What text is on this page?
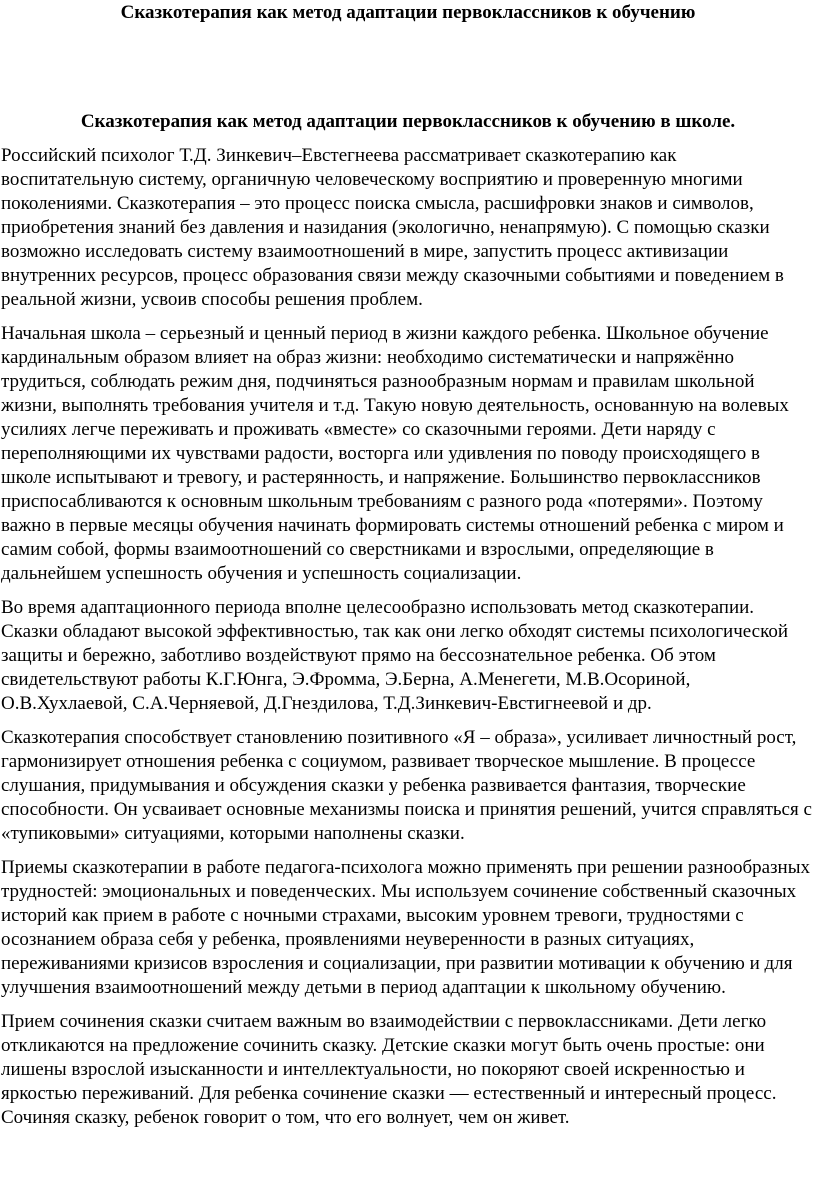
Сказкотерапия как метод адаптации первоклассников к обучению
Сказкотерапия как метод адаптации первоклассников к обучению в школе.

Российский психолог Т.Д. Зинкевич–Евстегнеева рассматривает сказкотерапию как воспитательную систему, органичную человеческому восприятию и проверенную многими поколениями. Сказкотерапия – это процесс поиска смысла, расшифровки знаков и символов, приобретения знаний без давления и назидания (экологично, ненапрямую). С помощью сказки возможно исследовать систему взаимоотношений в мире, запустить процесс активизации внутренних ресурсов, процесс образования связи между сказочными событиями и поведением в реальной жизни, усвоив способы решения проблем.

Начальная школа – серьезный и ценный период в жизни каждого ребенка. Школьное обучение кардинальным образом влияет на образ жизни: необходимо систематически и напряжённо трудиться, соблюдать режим дня, подчиняться разнообразным нормам и правилам школьной жизни, выполнять требования учителя и т.д. Такую новую деятельность, основанную на волевых усилиях легче переживать и проживать «вместе» со сказочными героями. Дети наряду с переполняющими их чувствами радости, восторга или удивления по поводу происходящего в школе испытывают и тревогу, и растерянность, и напряжение. Большинство первоклассников приспосабливаются к основным школьным требованиям с разного рода «потерями». Поэтому важно в первые месяцы обучения начинать формировать системы отношений ребенка с миром и самим собой, формы взаимоотношений со сверстниками и взрослыми, определяющие в дальнейшем успешность обучения и успешность социализации.

Во время адаптационного периода вполне целесообразно использовать метод сказкотерапии. Сказки обладают высокой эффективностью, так как они легко обходят системы психологической защиты и бережно, заботливо воздействуют прямо на бессознательное ребенка. Об этом свидетельствуют работы К.Г.Юнга, Э.Фромма, Э.Берна, А.Менегети, М.В.Осориной, О.В.Хухлаевой, С.А.Черняевой, Д.Гнездилова, Т.Д.Зинкевич-Евстигнеевой и др.

Сказкотерапия способствует становлению позитивного «Я – образа», усиливает личностный рост, гармонизирует отношения ребенка с социумом, развивает творческое мышление. В процессе слушания, придумывания и обсуждения сказки у ребенка развивается фантазия, творческие способности. Он усваивает основные механизмы поиска и принятия решений, учится справляться с «тупиковыми» ситуациями, которыми наполнены сказки.

Приемы сказкотерапии в работе педагога-психолога можно применять при решении разнообразных трудностей: эмоциональных и поведенческих. Мы используем сочинение собственный сказочных историй как прием в работе с ночными страхами, высоким уровнем тревоги, трудностями с осознанием образа себя у ребенка, проявлениями неуверенности в разных ситуациях, переживаниями кризисов взросления и социализации, при развитии мотивации к обучению и для улучшения взаимоотношений между детьми в период адаптации к школьному обучению.

Прием сочинения сказки считаем важным во взаимодействии с первоклассниками. Дети легко откликаются на предложение сочинить сказку. Детские сказки могут быть очень простые: они лишены взрослой изысканности и интеллектуальности, но покоряют своей искренностью и яркостью переживаний. Для ребенка сочинение сказки — естественный и интересный процесс. Сочиняя сказку, ребенок говорит о том, что его волнует, чем он живет.
